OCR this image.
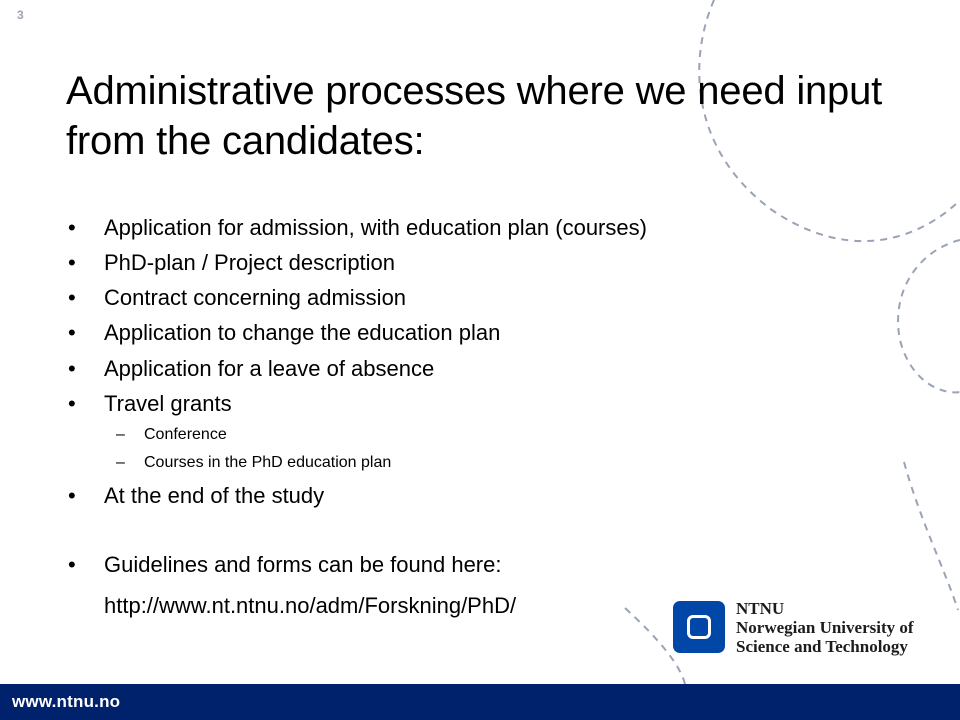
3
Administrative processes where we need input from the candidates:
• Application for admission, with education plan (courses)
• PhD-plan / Project description
• Contract concerning admission
• Application to change the education plan
• Application for a leave of absence
• Travel grants
– Conference
– Courses in the PhD education plan
• At the end of the study
• Guidelines and forms can be found here:
http://www.nt.ntnu.no/adm/Forskning/PhD/	NTNU
Norwegian University of
Science and Technology
www.ntnu.no
